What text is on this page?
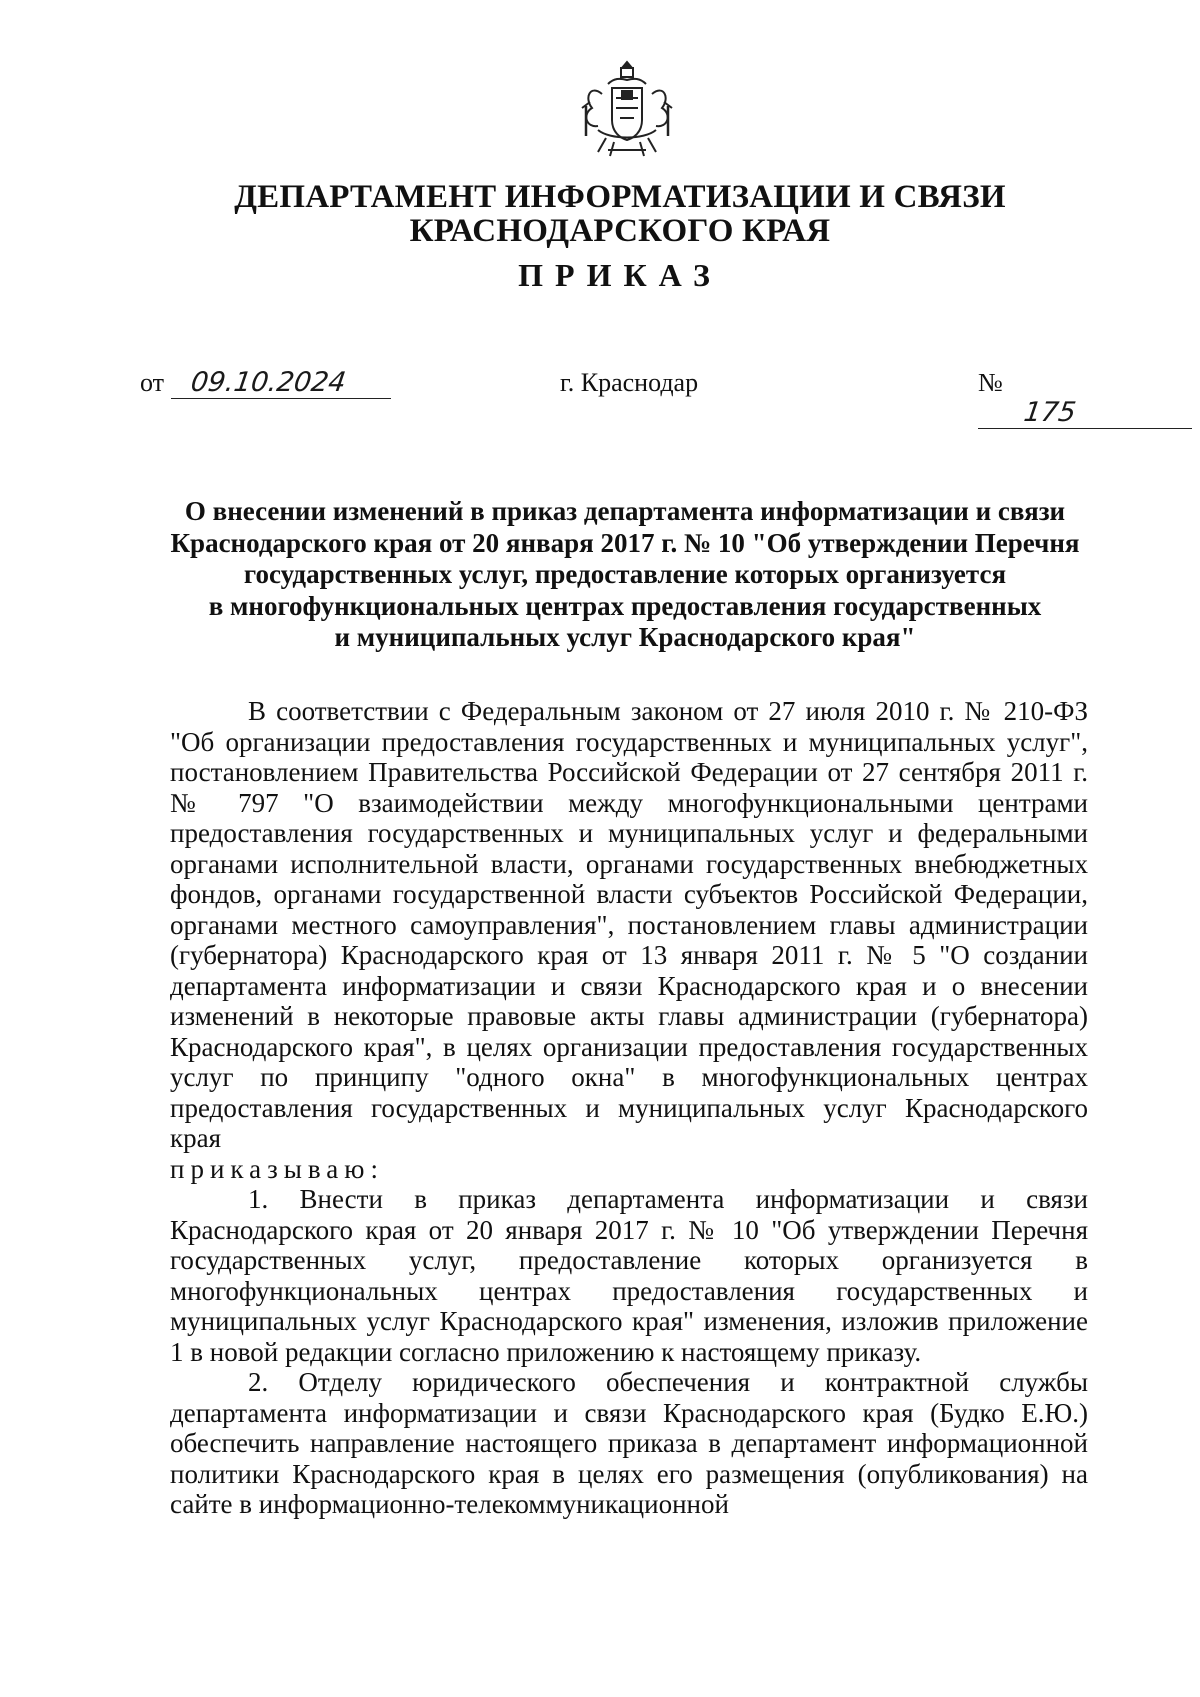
ДЕПАРТАМЕНТ ИНФОРМАТИЗАЦИИ И СВЯЗИ
КРАСНОДАРСКОГО КРАЯ
ПРИКАЗ
от 09.10.2024	г. Краснодар	№ 175
О внесении изменений в приказ департамента информатизации и связи
Краснодарского края от 20 января 2017 г. № 10 "Об утверждении Перечня
государственных услуг, предоставление которых организуется
в многофункциональных центрах предоставления государственных
и муниципальных услуг Краснодарского края"

В соответствии с Федеральным законом от 27 июля 2010 г. № 210-ФЗ "Об организации предоставления государственных и муниципальных услуг", постановлением Правительства Российской Федерации от 27 сентября 2011 г. № 797 "О взаимодействии между многофункциональными центрами предоставления государственных и муниципальных услуг и федеральными органами исполнительной власти, органами государственных внебюджетных фондов, органами государственной власти субъектов Российской Федерации, органами местного самоуправления", постановлением главы администрации (губернатора) Краснодарского края от 13 января 2011 г. № 5 "О создании департамента информатизации и связи Краснодарского края и о внесении изменений в некоторые правовые акты главы администрации (губернатора) Краснодарского края", в целях организации предоставления государственных услуг по принципу "одного окна" в многофункциональных центрах предоставления государственных и муниципальных услуг Краснодарского края

приказываю:

1. Внести в приказ департамента информатизации и связи Краснодарского края от 20 января 2017 г. № 10 "Об утверждении Перечня государственных услуг, предоставление которых организуется в многофункциональных центрах предоставления государственных и муниципальных услуг Краснодарского края" изменения, изложив приложение 1 в новой редакции согласно приложению к настоящему приказу.

2. Отделу юридического обеспечения и контрактной службы департамента информатизации и связи Краснодарского края (Будко Е.Ю.) обеспечить направление настоящего приказа в департамент информационной политики Краснодарского края в целях его размещения (опубликования) на сайте в информационно-телекоммуникационной
